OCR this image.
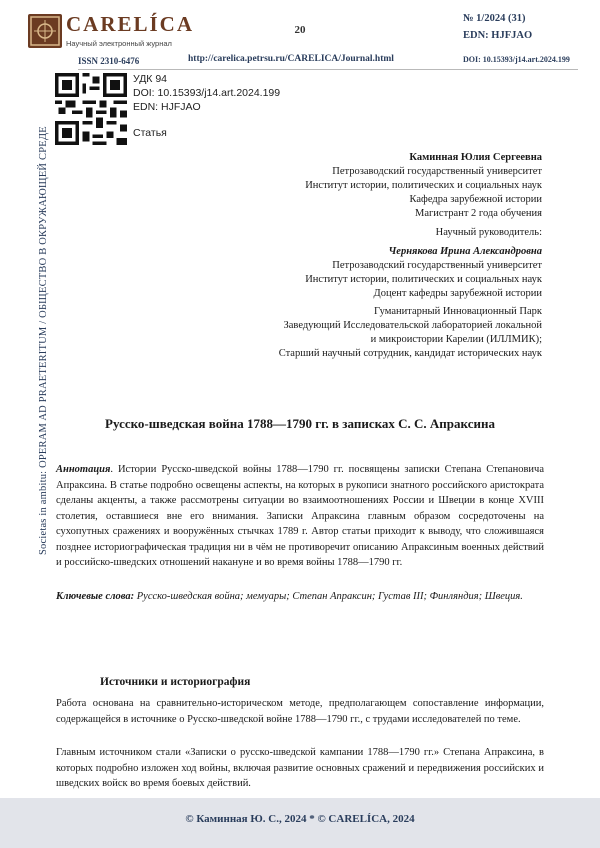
CARELÍCA
Научный электронный журнал
ISSN 2310-6476
20
http://carelica.petrsu.ru/CARELICA/Journal.html
№ 1/2024 (31)
EDN: HJFJAO
DOI: 10.15393/j14.art.2024.199
Societas in ambitu: OPERAM AD PRAETERITUM / ОБЩЕСТВО В ОКРУЖАЮЩЕЙ СРЕДЕ
УДК 94
DOI: 10.15393/j14.art.2024.199
EDN: HJFJAO
Статья
Каминная Юлия Сергеевна
Петрозаводский государственный университет
Институт истории, политических и социальных наук
Кафедра зарубежной истории
Магистрант 2 года обучения
Научный руководитель:
Чернякова Ирина Александровна
Петрозаводский государственный университет
Институт истории, политических и социальных наук
Доцент кафедры зарубежной истории
Гуманитарный Инновационный Парк
Заведующий Исследовательской лабораторией локальной
и микроистории Карелии (ИЛЛМИК);
Старший научный сотрудник, кандидат исторических наук
Русско-шведская война 1788—1790 гг. в записках С. С. Апраксина
Аннотация. Истории Русско-шведской войны 1788—1790 гг. посвящены записки Степана Степановича Апраксина. В статье подробно освещены аспекты, на которых в рукописи знатного российского аристократа сделаны акценты, а также рассмотрены ситуации во взаимоотношениях России и Швеции в конце XVIII столетия, оставшиеся вне его внимания. Записки Апраксина главным образом сосредоточены на сухопутных сражениях и вооружённых стычках 1789 г. Автор статьи приходит к выводу, что сложившаяся позднее историографическая традиция ни в чём не противоречит описанию Апраксиным военных действий и российско-шведских отношений накануне и во время войны 1788—1790 гг.
Ключевые слова: Русско-шведская война; мемуары; Степан Апраксин; Густав III; Финляндия; Швеция.
Источники и историография
Работа основана на сравнительно-историческом методе, предполагающем сопоставление информации, содержащейся в источнике о Русско-шведской войне 1788—1790 гг., с трудами исследователей по теме.
Главным источником стали «Записки о русско-шведской кампании 1788—1790 гг.» Степана Апраксина, в которых подробно изложен ход войны, включая развитие основных сражений и передвижения российских и шведских войск во время боевых действий.
© Каминная Ю. С., 2024 * © CARELÍCA, 2024
